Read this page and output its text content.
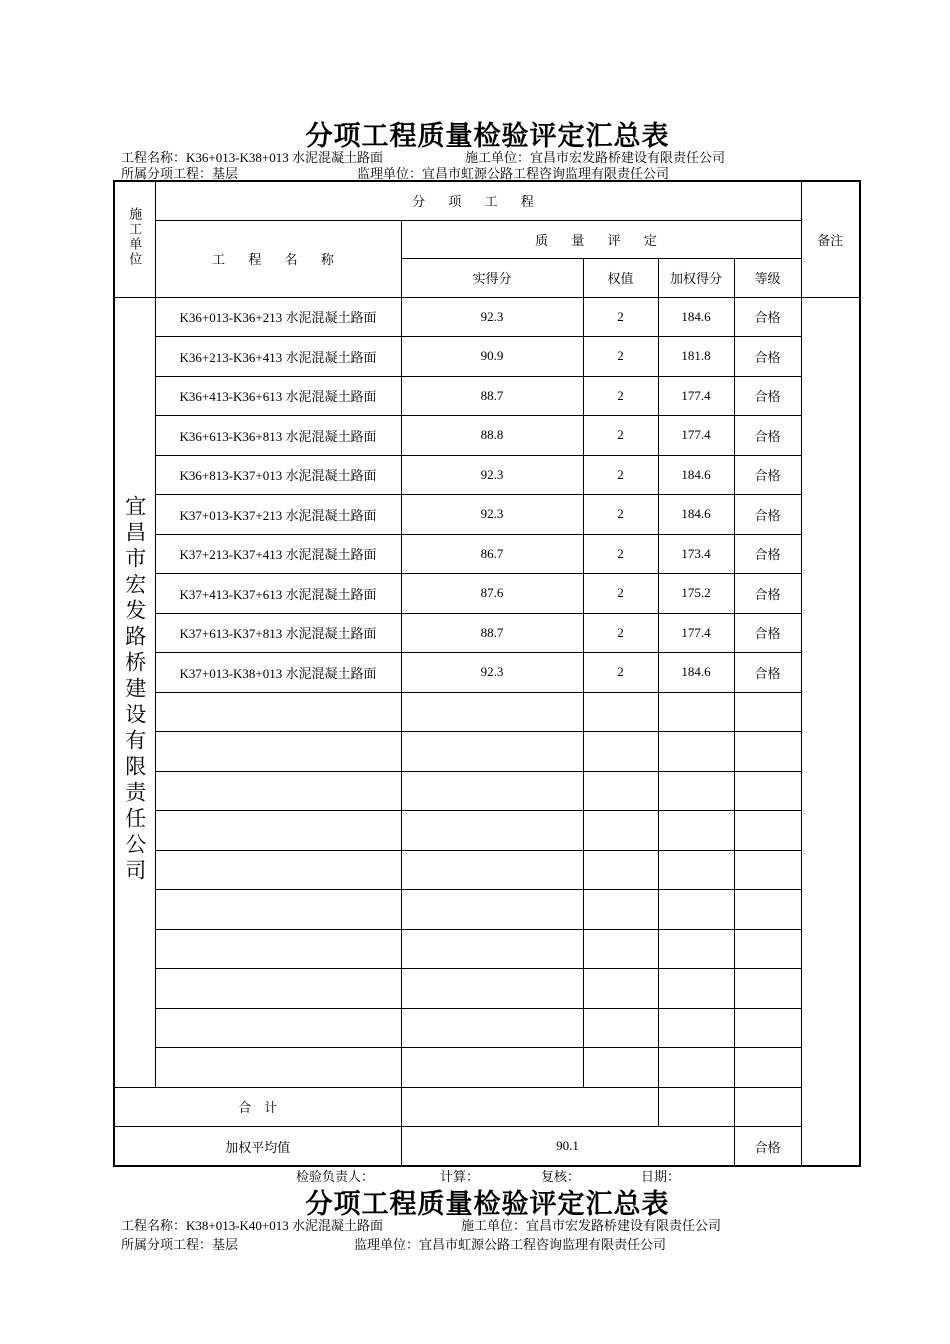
分项工程质量检验评定汇总表
工程名称：K36+013-K38+013 水泥混凝土路面	施工单位：宜昌市宏发路桥建设有限责任公司
所属分项工程：基层	监理单位：宜昌市虹源公路工程咨询监理有限责任公司
施工单位	分 项 工 程					备注
	工 程 名 称	质 量 评 定				
		实得分	权值	加权得分	等级	
宜昌市宏发路桥建设有限责任公司	K36+013-K36+213 水泥混凝土路面	92.3	2	184.6	合格	
	K36+213-K36+413 水泥混凝土路面	90.9	2	181.8	合格	
	K36+413-K36+613 水泥混凝土路面	88.7	2	177.4	合格	
	K36+613-K36+813 水泥混凝土路面	88.8	2	177.4	合格	
	K36+813-K37+013 水泥混凝土路面	92.3	2	184.6	合格	
	K37+013-K37+213 水泥混凝土路面	92.3	2	184.6	合格	
	K37+213-K37+413 水泥混凝土路面	86.7	2	173.4	合格	
	K37+413-K37+613 水泥混凝土路面	87.6	2	175.2	合格	
	K37+613-K37+813 水泥混凝土路面	88.7	2	177.4	合格	
	K37+013-K38+013 水泥混凝土路面	92.3	2	184.6	合格	

合    计						
加权平均值		90.1			合格	
检验负责人：	计算：	复核：	日期：
分项工程质量检验评定汇总表
工程名称：K38+013-K40+013 水泥混凝土路面	施工单位：宜昌市宏发路桥建设有限责任公司
所属分项工程：基层	监理单位：宜昌市虹源公路工程咨询监理有限责任公司
